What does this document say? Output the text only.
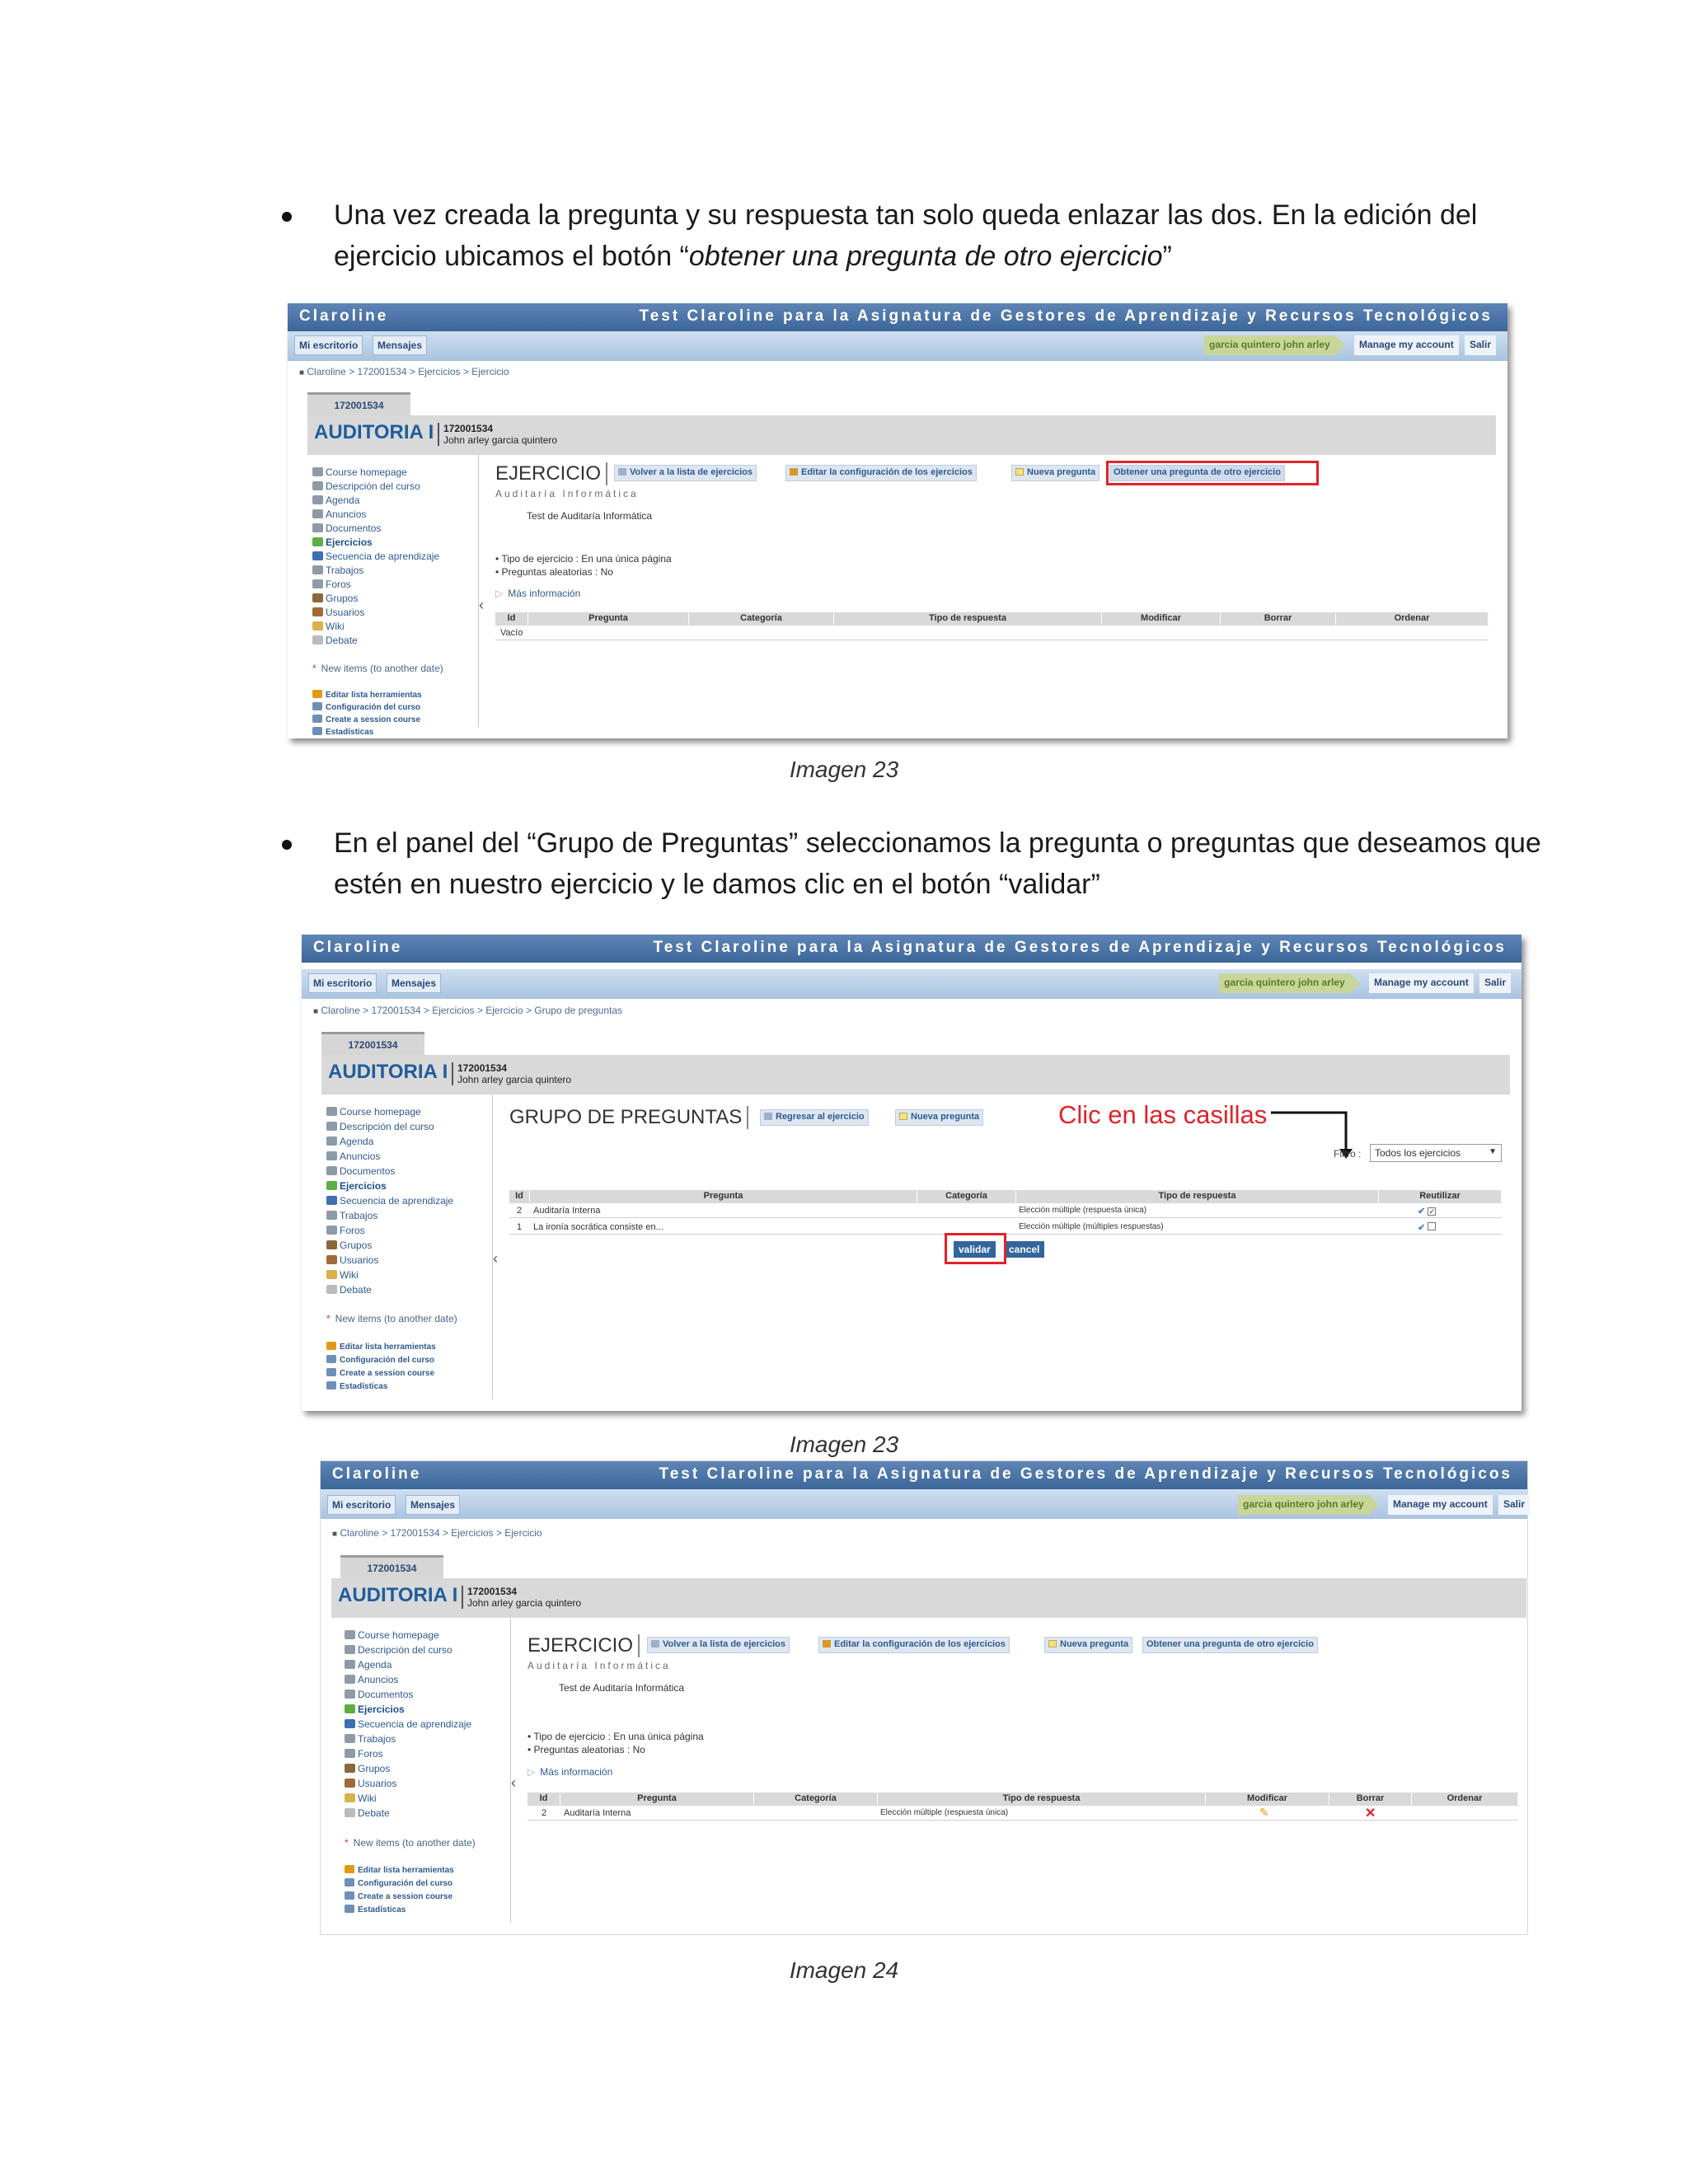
Una vez creada la pregunta y su respuesta tan solo queda enlazar las dos. En la edición del ejercicio ubicamos el botón “obtener una pregunta de otro ejercicio”
Claroline	Test Claroline para la Asignatura de Gestores de Aprendizaje y Recursos Tecnológicos
Mi escritorio	Mensajes	garcia quintero john arley	Manage my account	Salir
■ Claroline > 172001534 > Ejercicios > Ejercicio
172001534
AUDITORIA I 172001534
John arley garcia quintero
Course homepage
Descripción del curso
Agenda
Anuncios
Documentos
Ejercicios
Secuencia de aprendizaje
Trabajos
Foros
Grupos
Usuarios
Wiki
Debate
* New items (to another date)
Editar lista herramientas
Configuración del curso
Create a session course
Estadísticas
‹
EJERCICIO	Volver a la lista de ejercicios	Editar la configuración de los ejercicios	Nueva pregunta	Obtener una pregunta de otro ejercicio
Auditaría Informática
Test de Auditaría Informática
• Tipo de ejercicio : En una única página
• Preguntas aleatorias : No
▷ Más información
Id	Pregunta	Categoría	Tipo de respuesta	Modificar	Borrar	Ordenar
Vacío
Imagen 23
En el panel del “Grupo de Preguntas” seleccionamos la pregunta o preguntas que deseamos que estén en nuestro ejercicio y le damos clic en el botón “validar”
Claroline	Test Claroline para la Asignatura de Gestores de Aprendizaje y Recursos Tecnológicos
Mi escritorio	Mensajes	garcia quintero john arley	Manage my account	Salir
■ Claroline > 172001534 > Ejercicios > Ejercicio > Grupo de preguntas
172001534
AUDITORIA I 172001534
John arley garcia quintero
Course homepage
Descripción del curso
Agenda
Anuncios
Documentos
Ejercicios
Secuencia de aprendizaje
Trabajos
Foros
Grupos
Usuarios
Wiki
Debate
* New items (to another date)
Editar lista herramientas
Configuración del curso
Create a session course
Estadísticas
‹
GRUPO DE PREGUNTAS	Regresar al ejercicio	Nueva pregunta	Clic en las casillas
Filtro :	Todos los ejercicios	▼
Id	Pregunta	Categoría	Tipo de respuesta	Reutilizar
2 Auditaría Interna	Elección múltiple (respuesta única)	✔ ✓
1 La ironía socrática consiste en...	Elección múltiple (múltiples respuestas)	✔
validar	cancel
Imagen 23
Claroline	Test Claroline para la Asignatura de Gestores de Aprendizaje y Recursos Tecnológicos
Mi escritorio	Mensajes	garcia quintero john arley	Manage my account	Salir
■ Claroline > 172001534 > Ejercicios > Ejercicio
172001534
AUDITORIA I 172001534
John arley garcia quintero
Course homepage
Descripción del curso
Agenda
Anuncios
Documentos
Ejercicios
Secuencia de aprendizaje
Trabajos
Foros
Grupos
Usuarios
Wiki
Debate
* New items (to another date)
Editar lista herramientas
Configuración del curso
Create a session course
Estadísticas
‹
EJERCICIO	Volver a la lista de ejercicios	Editar la configuración de los ejercicios	Nueva pregunta	Obtener una pregunta de otro ejercicio
Auditaría Informática
Test de Auditaría Informática
• Tipo de ejercicio : En una única página
• Preguntas aleatorias : No
▷ Más información
Id	Pregunta	Categoría	Tipo de respuesta	Modificar	Borrar	Ordenar
2 Auditaría Interna	Elección múltiple (respuesta única)	✎	✕
Imagen 24
